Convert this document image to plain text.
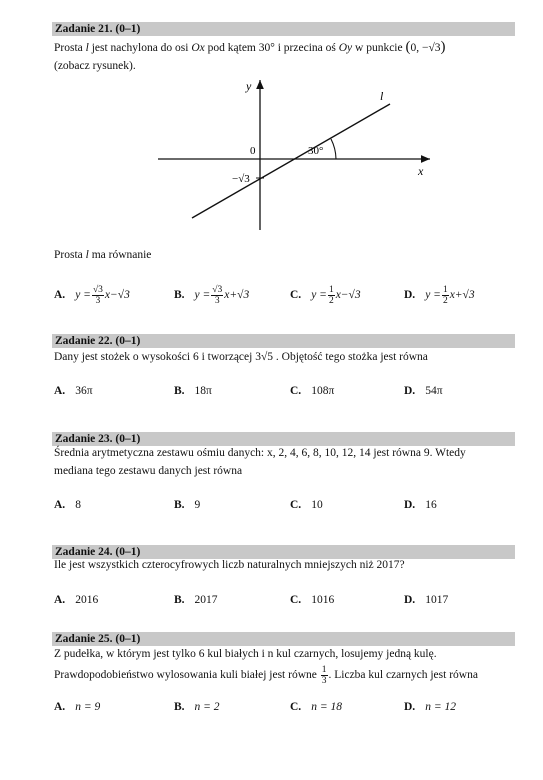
Zadanie 21. (0–1)
Prosta l jest nachylona do osi Ox pod kątem 30° i przecina oś Oy w punkcie (0, −√3)
(zobacz rysunek).
y
x
l
0	30°
−√3
Prosta l ma równanie
A. $y = \frac{√3}{3} x-√3$	B. $y = \frac{√3}{3} x+√3$	C. $y = \frac{1}{2} x-√3$	D. $y = \frac{1}{2} x+√3$
Zadanie 22. (0–1)
Dany jest stożek o wysokości 6 i tworzącej 3√5 . Objętość tego stożka jest równa
A. 36π	B. 18π	C. 108π	D. 54π
Zadanie 23. (0–1)
Średnia arytmetyczna zestawu ośmiu danych: x, 2, 4, 6, 8, 10, 12, 14 jest równa 9. Wtedy
mediana tego zestawu danych jest równa
A. 8	B. 9	C. 10	D. 16
Zadanie 24. (0–1)
Ile jest wszystkich czterocyfrowych liczb naturalnych mniejszych niż 2017?
A. 2016	B. 2017	C. 1016	D. 1017
Zadanie 25. (0–1)
Z pudełka, w którym jest tylko 6 kul białych i n kul czarnych, losujemy jedną kulę.
Prawdopodobieństwo wylosowania kuli białej jest równe $\frac{1}{3}$ . Liczba kul czarnych jest równa
A. n = 9	B. n = 2	C. n = 18	D. n = 12
